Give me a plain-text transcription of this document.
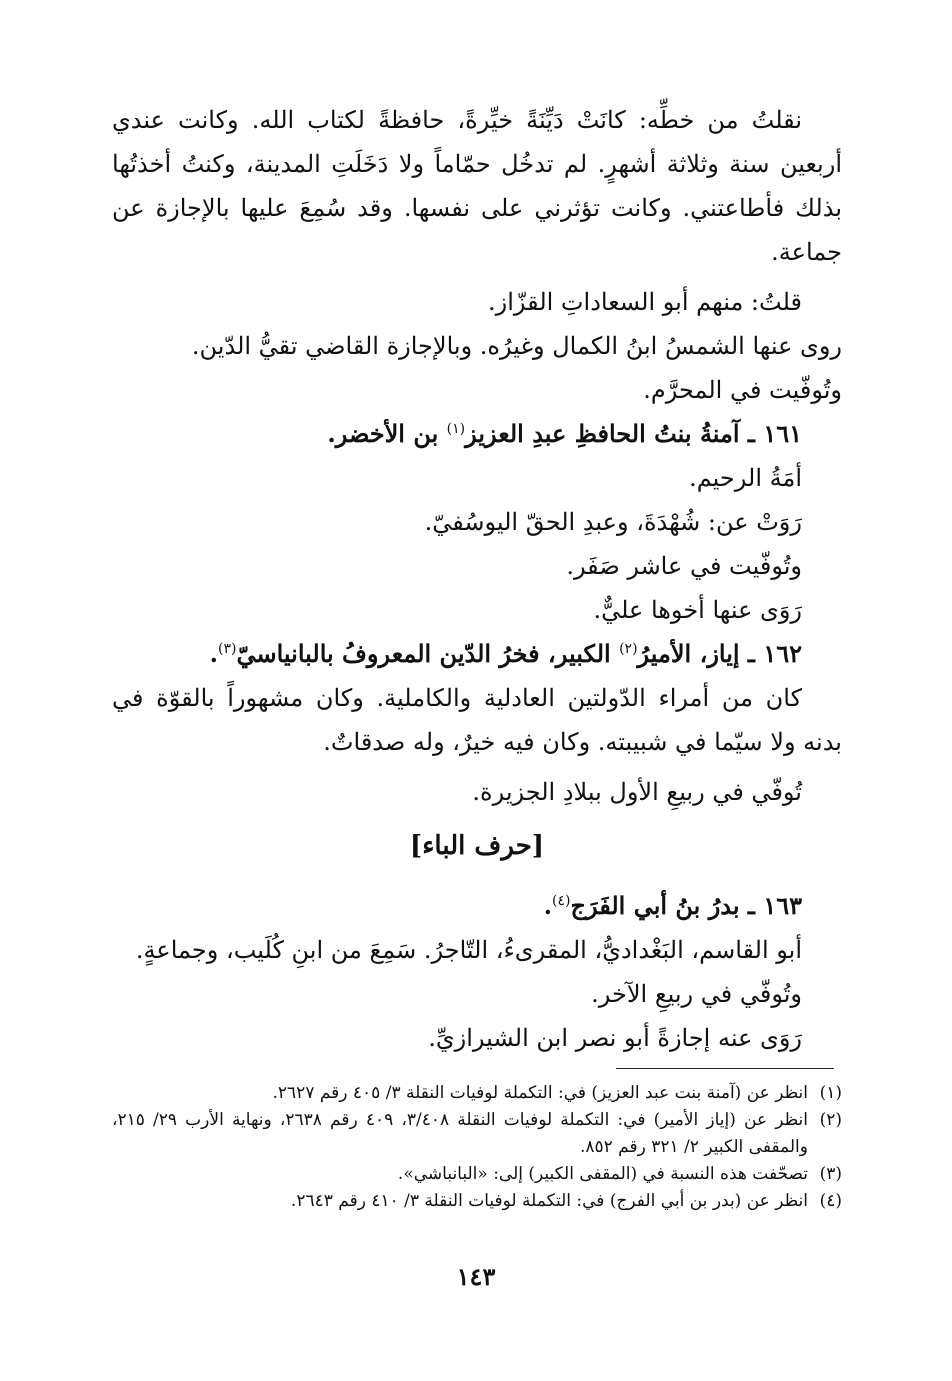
نقلتُ من خطِّه: كانَتْ دَيِّنَةً خيِّرةً، حافظةً لكتاب الله. وكانت عندي أربعين سنة وثلاثة أشهرٍ. لم تدخُل حمّاماً ولا دَخَلَتِ المدينة، وكنتُ أخذتُها بذلك فأطاعتني. وكانت تؤثرني على نفسها. وقد سُمِعَ عليها بالإجازة عن جماعة.

قلتُ: منهم أبو السعاداتِ القزّاز.

روى عنها الشمسُ ابنُ الكمال وغيرُه. وبالإجازة القاضي تقيُّ الدّين.

وتُوفّيت في المحرَّم.

١٦١ ـ آمنةُ بنتُ الحافظِ عبدِ العزيز$^{(١)}$ بن الأخضر.

أمَةُ الرحيم.

رَوَتْ عن: شُهْدَةَ، وعبدِ الحقّ اليوسُفيّ.

وتُوفّيت في عاشر صَفَر.

رَوَى عنها أخوها عليٌّ.

١٦٢ ـ إياز، الأميرُ$^{(٢)}$ الكبير، فخرُ الدّين المعروفُ بالبانياسيّ$^{(٣)}$.

كان من أمراء الدّولتين العادلية والكاملية. وكان مشهوراً بالقوّة في بدنه ولا سيّما في شبيبته. وكان فيه خيرٌ، وله صدقاتٌ.

تُوفّي في ربيعِ الأول ببلادِ الجزيرة.

[حرف الباء]

١٦٣ ـ بدرُ بنُ أبي الفَرَج$^{(٤)}$.

أبو القاسم، البَغْداديُّ، المقرىءُ، التّاجرُ. سَمِعَ من ابنِ كُلَيب، وجماعةٍ.

وتُوفّي في ربيعِ الآخر.

رَوَى عنه إجازةً أبو نصر ابن الشيرازيِّ.

(١)
انظر عن (آمنة بنت عبد العزيز) في: التكملة لوفيات النقلة ٣/ ٤٠٥ رقم ٢٦٢٧.
(٢)
انظر عن (إياز الأمير) في: التكملة لوفيات النقلة ٣/٤٠٨، ٤٠٩ رقم ٢٦٣٨، ونهاية الأرب ٢٩/ ٢١٥، والمقفى الكبير ٢/ ٣٢١ رقم ٨٥٢.
(٣)
تصحّفت هذه النسبة في (المقفى الكبير) إلى: «البانباشي».
(٤)
انظر عن (بدر بن أبي الفرج) في: التكملة لوفيات النقلة ٣/ ٤١٠ رقم ٢٦٤٣.
١٤٣
